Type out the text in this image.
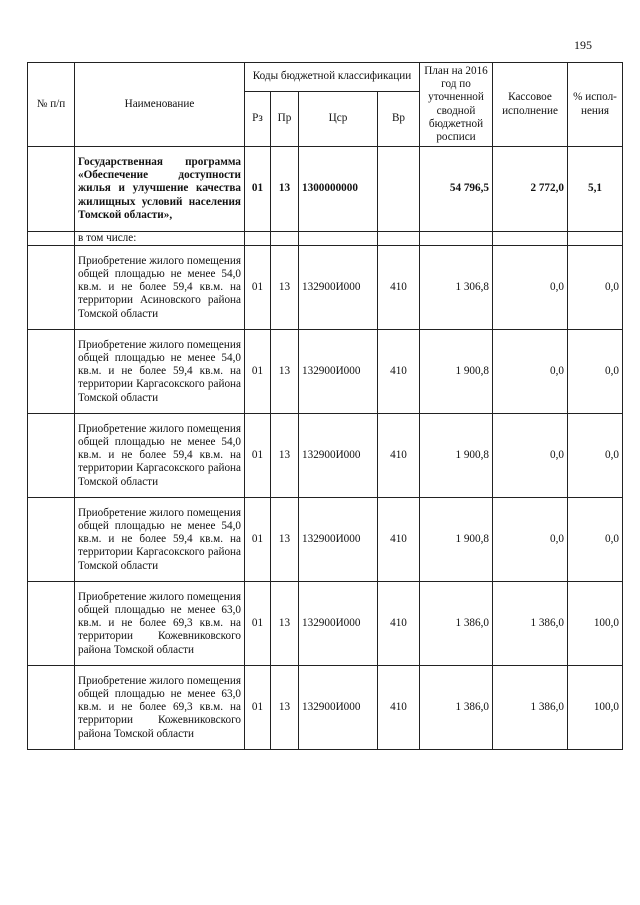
195
№ п/п	Наименование	Коды бюджетной классификации				План на 2016 год по уточненной сводной бюджетной росписи	Кассовое исполнение	% испол-нения
		Рз	Пр	Цср	Вр			
	Государственная программа «Обеспечение доступности жилья и улучшение качества жилищных условий населения Томской области»,	01	13	1300000000		54 796,5	2 772,0	5,1
	в том числе:							
	Приобретение жилого помещения общей площадью не менее 54,0 кв.м. и не более 59,4 кв.м. на территории Асиновского района Томской области	01	13	132900И000	410	1 306,8	0,0	0,0
	Приобретение жилого помещения общей площадью не менее 54,0 кв.м. и не более 59,4 кв.м. на территории Каргасокского района Томской области	01	13	132900И000	410	1 900,8	0,0	0,0
	Приобретение жилого помещения общей площадью не менее 54,0 кв.м. и не более 59,4 кв.м. на территории Каргасокского района Томской области	01	13	132900И000	410	1 900,8	0,0	0,0
	Приобретение жилого помещения общей площадью не менее 54,0 кв.м. и не более 59,4 кв.м. на территории Каргасокского района Томской области	01	13	132900И000	410	1 900,8	0,0	0,0
	Приобретение жилого помещения общей площадью не менее 63,0 кв.м. и не более 69,3 кв.м. на территории Кожевниковского района Томской области	01	13	132900И000	410	1 386,0	1 386,0	100,0
	Приобретение жилого помещения общей площадью не менее 63,0 кв.м. и не более 69,3 кв.м. на территории Кожевниковского района Томской области	01	13	132900И000	410	1 386,0	1 386,0	100,0
